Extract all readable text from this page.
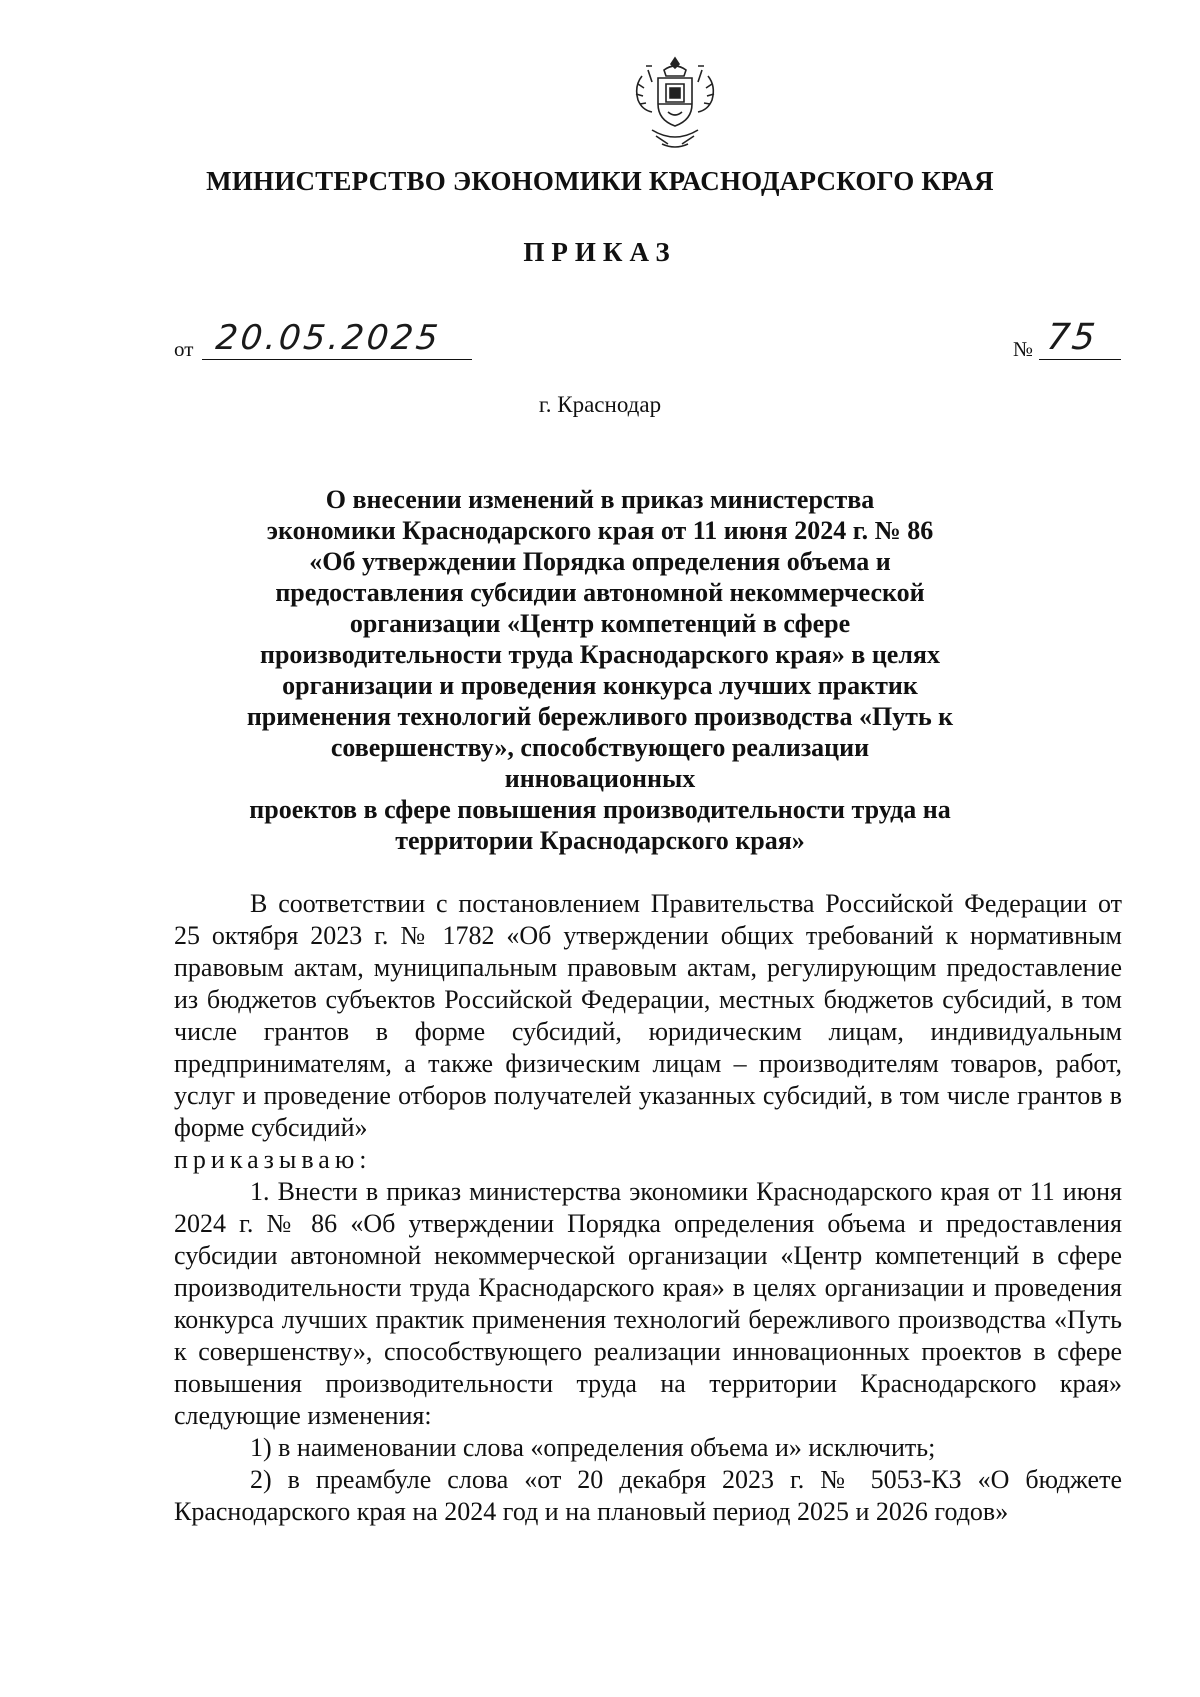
МИНИСТЕРСТВО ЭКОНОМИКИ КРАСНОДАРСКОГО КРАЯ
ПРИКАЗ
от 20.05.2025	№ 75
г. Краснодар
О внесении изменений в приказ министерства
экономики Краснодарского края от 11 июня 2024 г. № 86
«Об утверждении Порядка определения объема и
предоставления субсидии автономной некоммерческой
организации «Центр компетенций в сфере
производительности труда Краснодарского края» в целях
организации и проведения конкурса лучших практик
применения технологий бережливого производства «Путь к
совершенству», способствующего реализации инновационных
проектов в сфере повышения производительности труда на
территории Краснодарского края»

В соответствии с постановлением Правительства Российской Федерации от 25 октября 2023 г. № 1782 «Об утверждении общих требований к нормативным правовым актам, муниципальным правовым актам, регулирующим предоставление из бюджетов субъектов Российской Федерации, местных бюджетов субсидий, в том числе грантов в форме субсидий, юридическим лицам, индивидуальным предпринимателям, а также физическим лицам – производителям товаров, работ, услуг и проведение отборов получателей указанных субсидий, в том числе грантов в форме субсидий»

приказываю:

1. Внести в приказ министерства экономики Краснодарского края от 11 июня 2024 г. № 86 «Об утверждении Порядка определения объема и предоставления субсидии автономной некоммерческой организации «Центр компетенций в сфере производительности труда Краснодарского края» в целях организации и проведения конкурса лучших практик применения технологий бережливого производства «Путь к совершенству», способствующего реализации инновационных проектов в сфере повышения производительности труда на территории Краснодарского края» следующие изменения:

1) в наименовании слова «определения объема и» исключить;

2) в преамбуле слова «от 20 декабря 2023 г. № 5053-КЗ «О бюджете Краснодарского края на 2024 год и на плановый период 2025 и 2026 годов»
